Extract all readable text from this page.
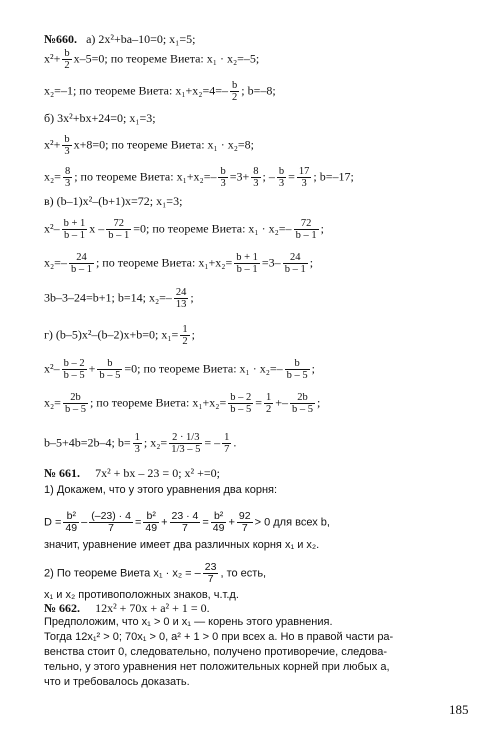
№660. а) 2x²+bа–10=0; x₁=5;
$x^2+ \frac{b}{2} x-5=0$; по теореме Виета: x₁ · x₂=–5;
x₂=–1; по теореме Виета: $x_1+x_2=4=- \frac{b}{2}$ ; b=–8;
б) 3x²+bx+24=0; x₁=3;
$x^2+ \frac{b}{3} x+8=0$; по теореме Виета: x₁ · x₂=8;
$x_2= \frac{8}{3}$ ; по теореме Виета: $x_1+x_2=- \frac{b}{3} =3+ \frac{8}{3}$ ; – $\frac{b}{3} = \frac{17}{3}$ ; b=–17;
в) (b–1)x²–(b+1)x=72; x₁=3;
$x^2- \frac{b + 1}{b - 1}$ $x - \frac{72}{b - 1} =0$; по теореме Виета: $x_1 \cdot x_2=- \frac{72}{b - 1}$ ;
$x_2=- \frac{24}{b - 1}$ ; по теореме Виета: $x_1+x_2= \frac{b + 1}{b - 1} =3- \frac{24}{b - 1}$ ;
3b–3–24=b+1; b=14; $x_2=- \frac{24}{13}$ ;
г) (b–5)x²–(b–2)x+b=0; $x_1= \frac{1}{2}$ ;
$x^2- \frac{b - 2}{b - 5} + \frac{b}{b - 5} =0$; по теореме Виета: $x_1 \cdot x_2=- \frac{b}{b - 5}$ ;
$x_2= \frac{2b}{b - 5}$ ; по теореме Виета: $x_1+x_2= \frac{b - 2}{b - 5} = \frac{1}{2} +- \frac{2b}{b - 5}$ ;
b–5+4b=2b–4; $b= \frac{1}{3}$ ; $x_2= \frac{2 \cdot 1/3}{1/3 - 5}$ = – $\frac{1}{7}$ .
№ 661. 7x² + bx – 23 = 0; x² +=0;
1) Докажем, что у этого уравнения два корня:
$D = \frac{\text{b²}}{49} - \frac{(-23) \cdot 4}{7} = \frac{\text{b²}}{49} + \frac{23 \cdot 4}{7} = \frac{\text{b²}}{49} + \frac{92}{7} > 0$ для всех b,
значит, уравнение имеет два различных корня x₁ и x₂.
2) По теореме Виета x₁ · x₂ = – $\frac{23}{7}$ , то есть,
x₁ и x₂ противоположных знаков, ч.т.д.
№ 662. 12x² + 70x + a² + 1 = 0.
Предположим, что x₁ > 0 и x₁ — корень этого уравнения.
Тогда 12x₁² > 0; 70x₁ > 0, a² + 1 > 0 при всех a. Но в правой части ра-
венства стоит 0, следовательно, получено противоречие, следова-
тельно, у этого уравнения нет положительных корней при любых a,
что и требовалось доказать.
185
